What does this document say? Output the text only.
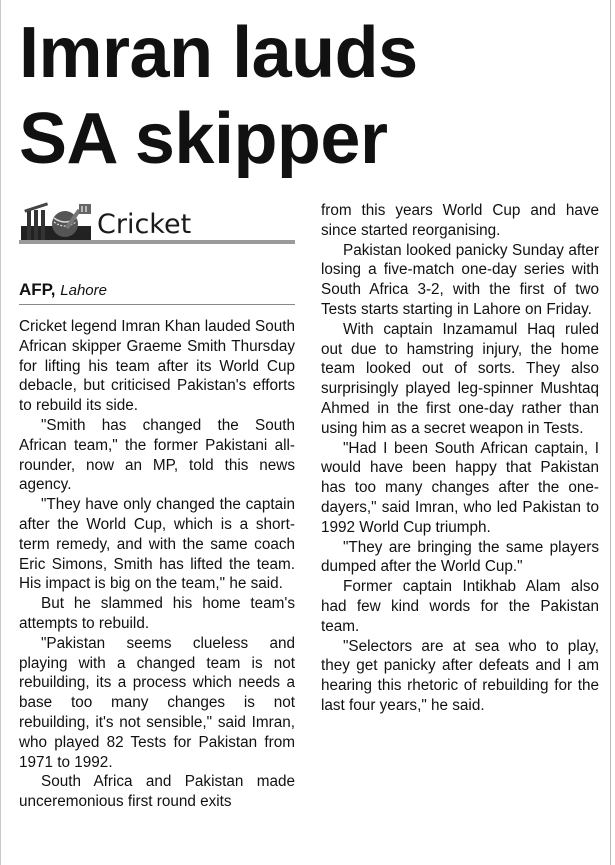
Imran lauds
SA skipper
Cricket
AFP, Lahore

Cricket legend Imran Khan lauded South African skipper Graeme Smith Thursday for lifting his team after its World Cup debacle, but criticised Pakistan's efforts to rebuild its side.

"Smith has changed the South African team," the former Pakistani all-rounder, now an MP, told this news agency.

"They have only changed the captain after the World Cup, which is a short-term remedy, and with the same coach Eric Simons, Smith has lifted the team. His impact is big on the team," he said.

But he slammed his home team's attempts to rebuild.

"Pakistan seems clueless and playing with a changed team is not rebuilding, its a process which needs a base too many changes is not rebuilding, it's not sensible," said Imran, who played 82 Tests for Pakistan from 1971 to 1992.

South Africa and Pakistan made unceremonious first round exits

from this years World Cup and have since started reorganising.

Pakistan looked panicky Sunday after losing a five-match one-day series with South Africa 3-2, with the first of two Tests starts starting in Lahore on Friday.

With captain Inzamamul Haq ruled out due to hamstring injury, the home team looked out of sorts. They also surprisingly played leg-spinner Mushtaq Ahmed in the first one-day rather than using him as a secret weapon in Tests.

"Had I been South African captain, I would have been happy that Pakistan has too many changes after the one-dayers," said Imran, who led Pakistan to 1992 World Cup triumph.

"They are bringing the same players dumped after the World Cup."

Former captain Intikhab Alam also had few kind words for the Pakistan team.

"Selectors are at sea who to play, they get panicky after defeats and I am hearing this rhetoric of rebuilding for the last four years," he said.
